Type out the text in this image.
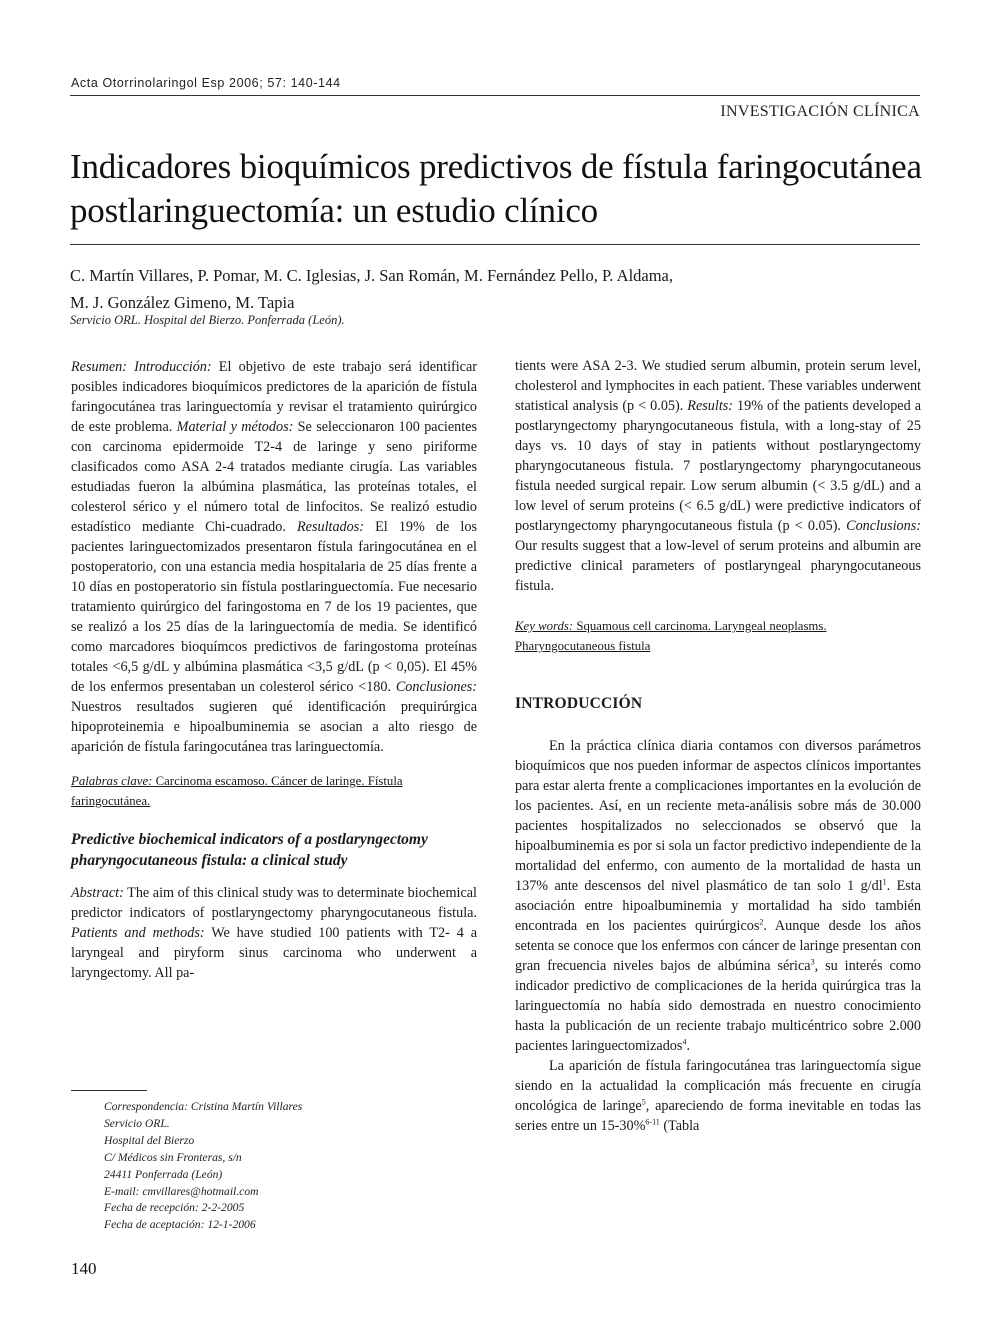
Acta Otorrinolaringol Esp 2006; 57: 140-144
INVESTIGACIÓN CLÍNICA
Indicadores bioquímicos predictivos de fístula faringocutánea postlaringuectomía: un estudio clínico
C. Martín Villares, P. Pomar, M. C. Iglesias, J. San Román, M. Fernández Pello, P. Aldama,
M. J. González Gimeno, M. Tapia
Servicio ORL. Hospital del Bierzo. Ponferrada (León).

Resumen: Introducción: El objetivo de este trabajo será identificar posibles indicadores bioquímicos predictores de la aparición de fístula faringocutánea tras laringuectomía y revisar el tratamiento quirúrgico de este problema. Material y métodos: Se seleccionaron 100 pacientes con carcinoma epidermoide T2-4 de laringe y seno piriforme clasificados como ASA 2-4 tratados mediante cirugía. Las variables estudiadas fueron la albúmina plasmática, las proteínas totales, el colesterol sérico y el número total de linfocitos. Se realizó estudio estadístico mediante Chi-cuadrado. Resultados: El 19% de los pacientes laringuectomizados presentaron fístula faringocutánea en el postoperatorio, con una estancia media hospitalaria de 25 días frente a 10 días en postoperatorio sin fístula postlaringuectomía. Fue necesario tratamiento quirúrgico del faringostoma en 7 de los 19 pacientes, que se realizó a los 25 días de la laringuectomía de media. Se identificó como marcadores bioquímcos predictivos de faringostoma proteínas totales <6,5 g/dL y albúmina plasmática <3,5 g/dL (p < 0,05). El 45% de los enfermos presentaban un colesterol sérico <180. Conclusiones: Nuestros resultados sugieren qué identificación prequirúrgica hipoproteinemia e hipoalbuminemia se asocian a alto riesgo de aparición de fístula faringocutánea tras laringuectomía.

Palabras clave: Carcinoma escamoso. Cáncer de laringe. Fístula
faringocutánea.

Predictive biochemical indicators of a postlaryngectomy pharyngocutaneous fistula: a clinical study

Abstract: The aim of this clinical study was to determinate biochemical predictor indicators of postlaryngectomy pharyngocutaneous fistula. Patients and methods: We have studied 100 patients with T2- 4 a laryngeal and piryform sinus carcinoma who underwent a laryngectomy. All pa-

tients were ASA 2-3. We studied serum albumin, protein serum level, cholesterol and lymphocites in each patient. These variables underwent statistical analysis (p < 0.05). Results: 19% of the patients developed a postlaryngectomy pharyngocutaneous fistula, with a long-stay of 25 days vs. 10 days of stay in patients without postlaryngectomy pharyngocutaneous fistula. 7 postlaryngectomy pharyngocutaneous fistula needed surgical repair. Low serum albumin (< 3.5 g/dL) and a low level of serum proteins (< 6.5 g/dL) were predictive indicators of postlaryngectomy pharyngocutaneous fistula (p < 0.05). Conclusions: Our results suggest that a low-level of serum proteins and albumin are predictive clinical parameters of postlaryngeal pharyngocutaneous fistula.

Key words: Squamous cell carcinoma. Laryngeal neoplasms.
Pharyngocutaneous fistula

INTRODUCCIÓN

En la práctica clínica diaria contamos con diversos parámetros bioquímicos que nos pueden informar de aspectos clínicos importantes para estar alerta frente a complicaciones importantes en la evolución de los pacientes. Así, en un reciente meta-análisis sobre más de 30.000 pacientes hospitalizados no seleccionados se observó que la hipoalbuminemia es por si sola un factor predictivo independiente de la mortalidad del enfermo, con aumento de la mortalidad de hasta un 137% ante descensos del nivel plasmático de tan solo 1 $g/dl^1$. Esta asociación entre hipoalbuminemia y mortalidad ha sido también encontrada en los pacientes quirúrgicos$^2$. Aunque desde los años setenta se conoce que los enfermos con cáncer de laringe presentan con gran frecuencia niveles bajos de albúmina sérica$^3$, su interés como indicador predictivo de complicaciones de la herida quirúrgica tras la laringuectomía no había sido demostrada en nuestro conocimiento hasta la publicación de un reciente trabajo multicéntrico sobre 2.000 pacientes laringuectomizados$^4$.

La aparición de fístula faringocutánea tras laringuectomía sigue siendo en la actualidad la complicación más frecuente en cirugía oncológica de laringe$^5$, apareciendo de forma inevitable en todas las series entre un 15-30%$^{6-11}$ (Tabla

Correspondencia: Cristina Martín Villares
Servicio ORL.
Hospital del Bierzo
C/ Médicos sin Fronteras, s/n
24411 Ponferrada (León)
E-mail: cmvillares@hotmail.com
Fecha de recepción: 2-2-2005
Fecha de aceptación: 12-1-2006
140
